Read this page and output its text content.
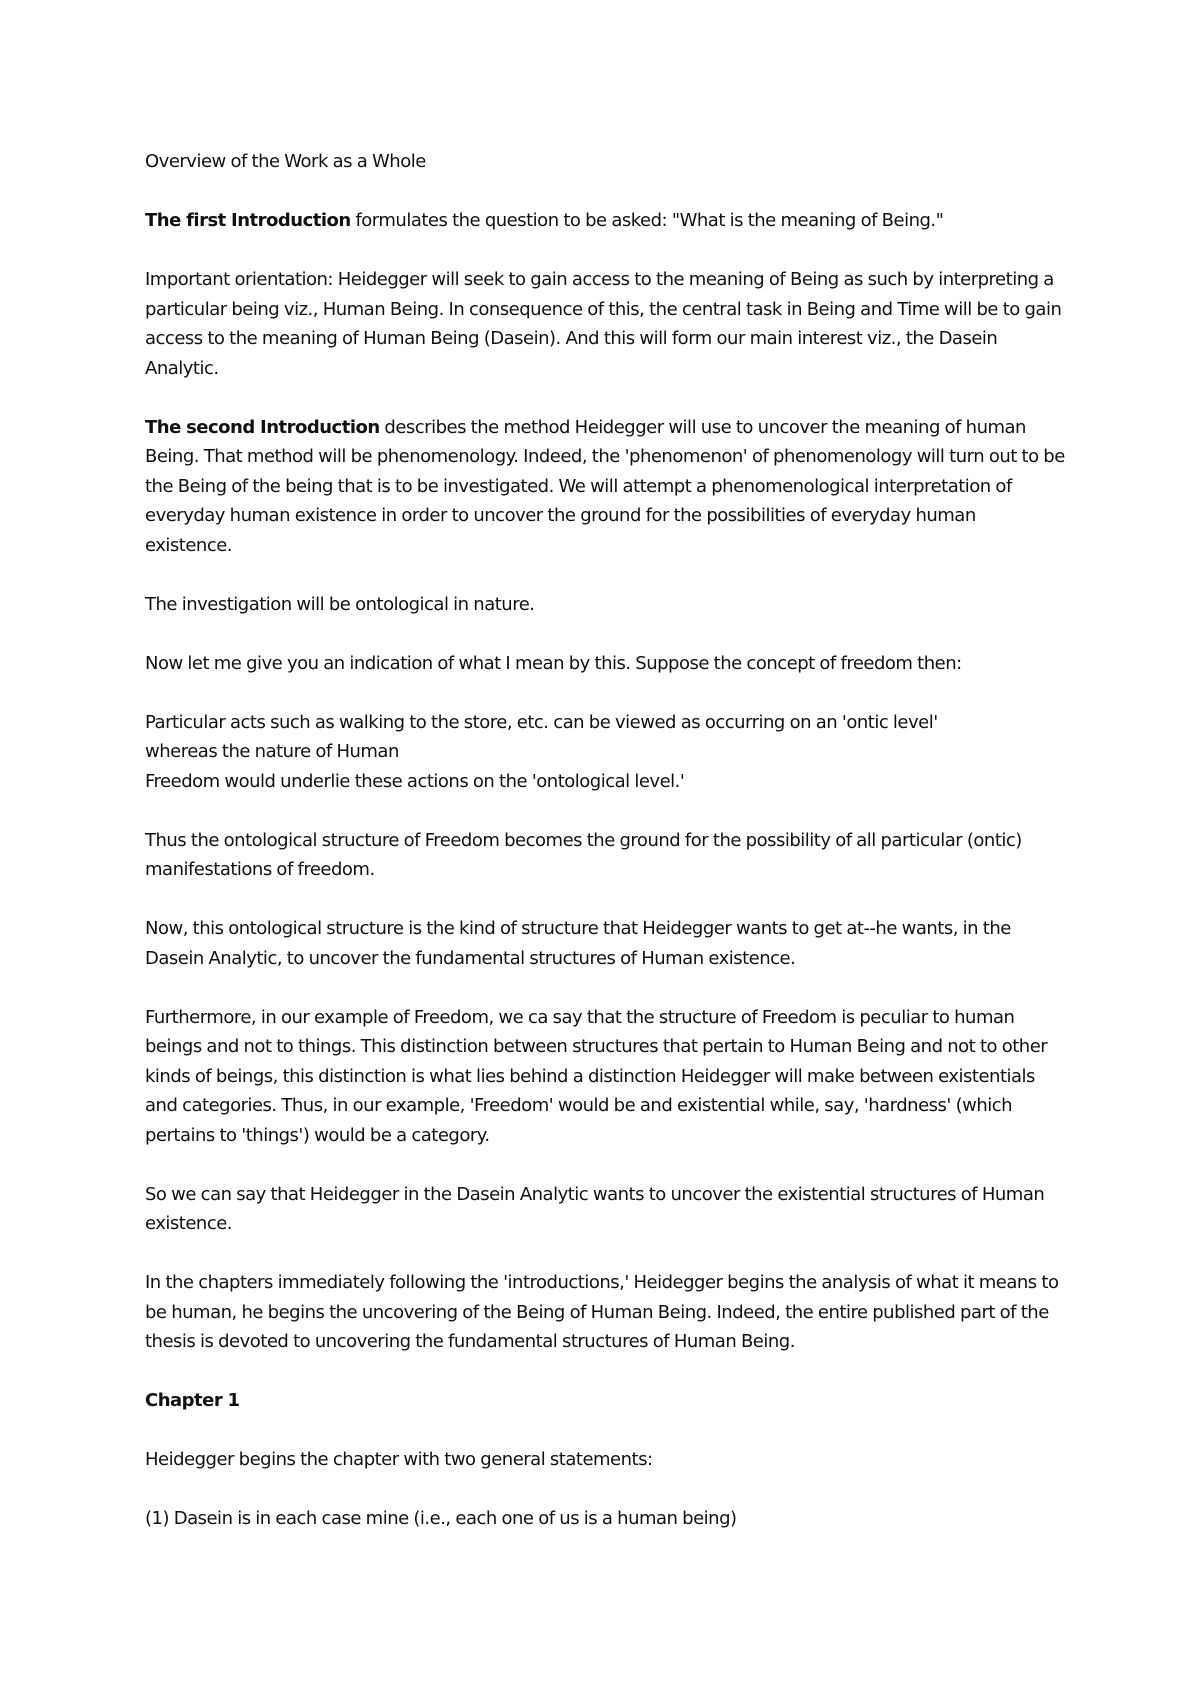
Overview of the Work as a Whole

The first Introduction formulates the question to be asked: "What is the meaning of Being."

Important orientation: Heidegger will seek to gain access to the meaning of Being as such by interpreting a particular being viz., Human Being. In consequence of this, the central task in Being and Time will be to gain access to the meaning of Human Being (Dasein). And this will form our main interest viz., the Dasein Analytic.

The second Introduction describes the method Heidegger will use to uncover the meaning of human Being. That method will be phenomenology. Indeed, the 'phenomenon' of phenomenology will turn out to be the Being of the being that is to be investigated. We will attempt a phenomenological interpretation of everyday human existence in order to uncover the ground for the possibilities of everyday human existence.

The investigation will be ontological in nature.

Now let me give you an indication of what I mean by this. Suppose the concept of freedom then:

Particular acts such as walking to the store, etc. can be viewed as occurring on an 'ontic level'
whereas the nature of Human
Freedom would underlie these actions on the 'ontological level.'

Thus the ontological structure of Freedom becomes the ground for the possibility of all particular (ontic) manifestations of freedom.

Now, this ontological structure is the kind of structure that Heidegger wants to get at--he wants, in the Dasein Analytic, to uncover the fundamental structures of Human existence.

Furthermore, in our example of Freedom, we ca say that the structure of Freedom is peculiar to human beings and not to things. This distinction between structures that pertain to Human Being and not to other kinds of beings, this distinction is what lies behind a distinction Heidegger will make between existentials and categories. Thus, in our example, 'Freedom' would be and existential while, say, 'hardness' (which pertains to 'things') would be a category.

So we can say that Heidegger in the Dasein Analytic wants to uncover the existential structures of Human existence.

In the chapters immediately following the 'introductions,' Heidegger begins the analysis of what it means to be human, he begins the uncovering of the Being of Human Being. Indeed, the entire published part of the thesis is devoted to uncovering the fundamental structures of Human Being.

Chapter 1

Heidegger begins the chapter with two general statements:

(1) Dasein is in each case mine (i.e., each one of us is a human being)
